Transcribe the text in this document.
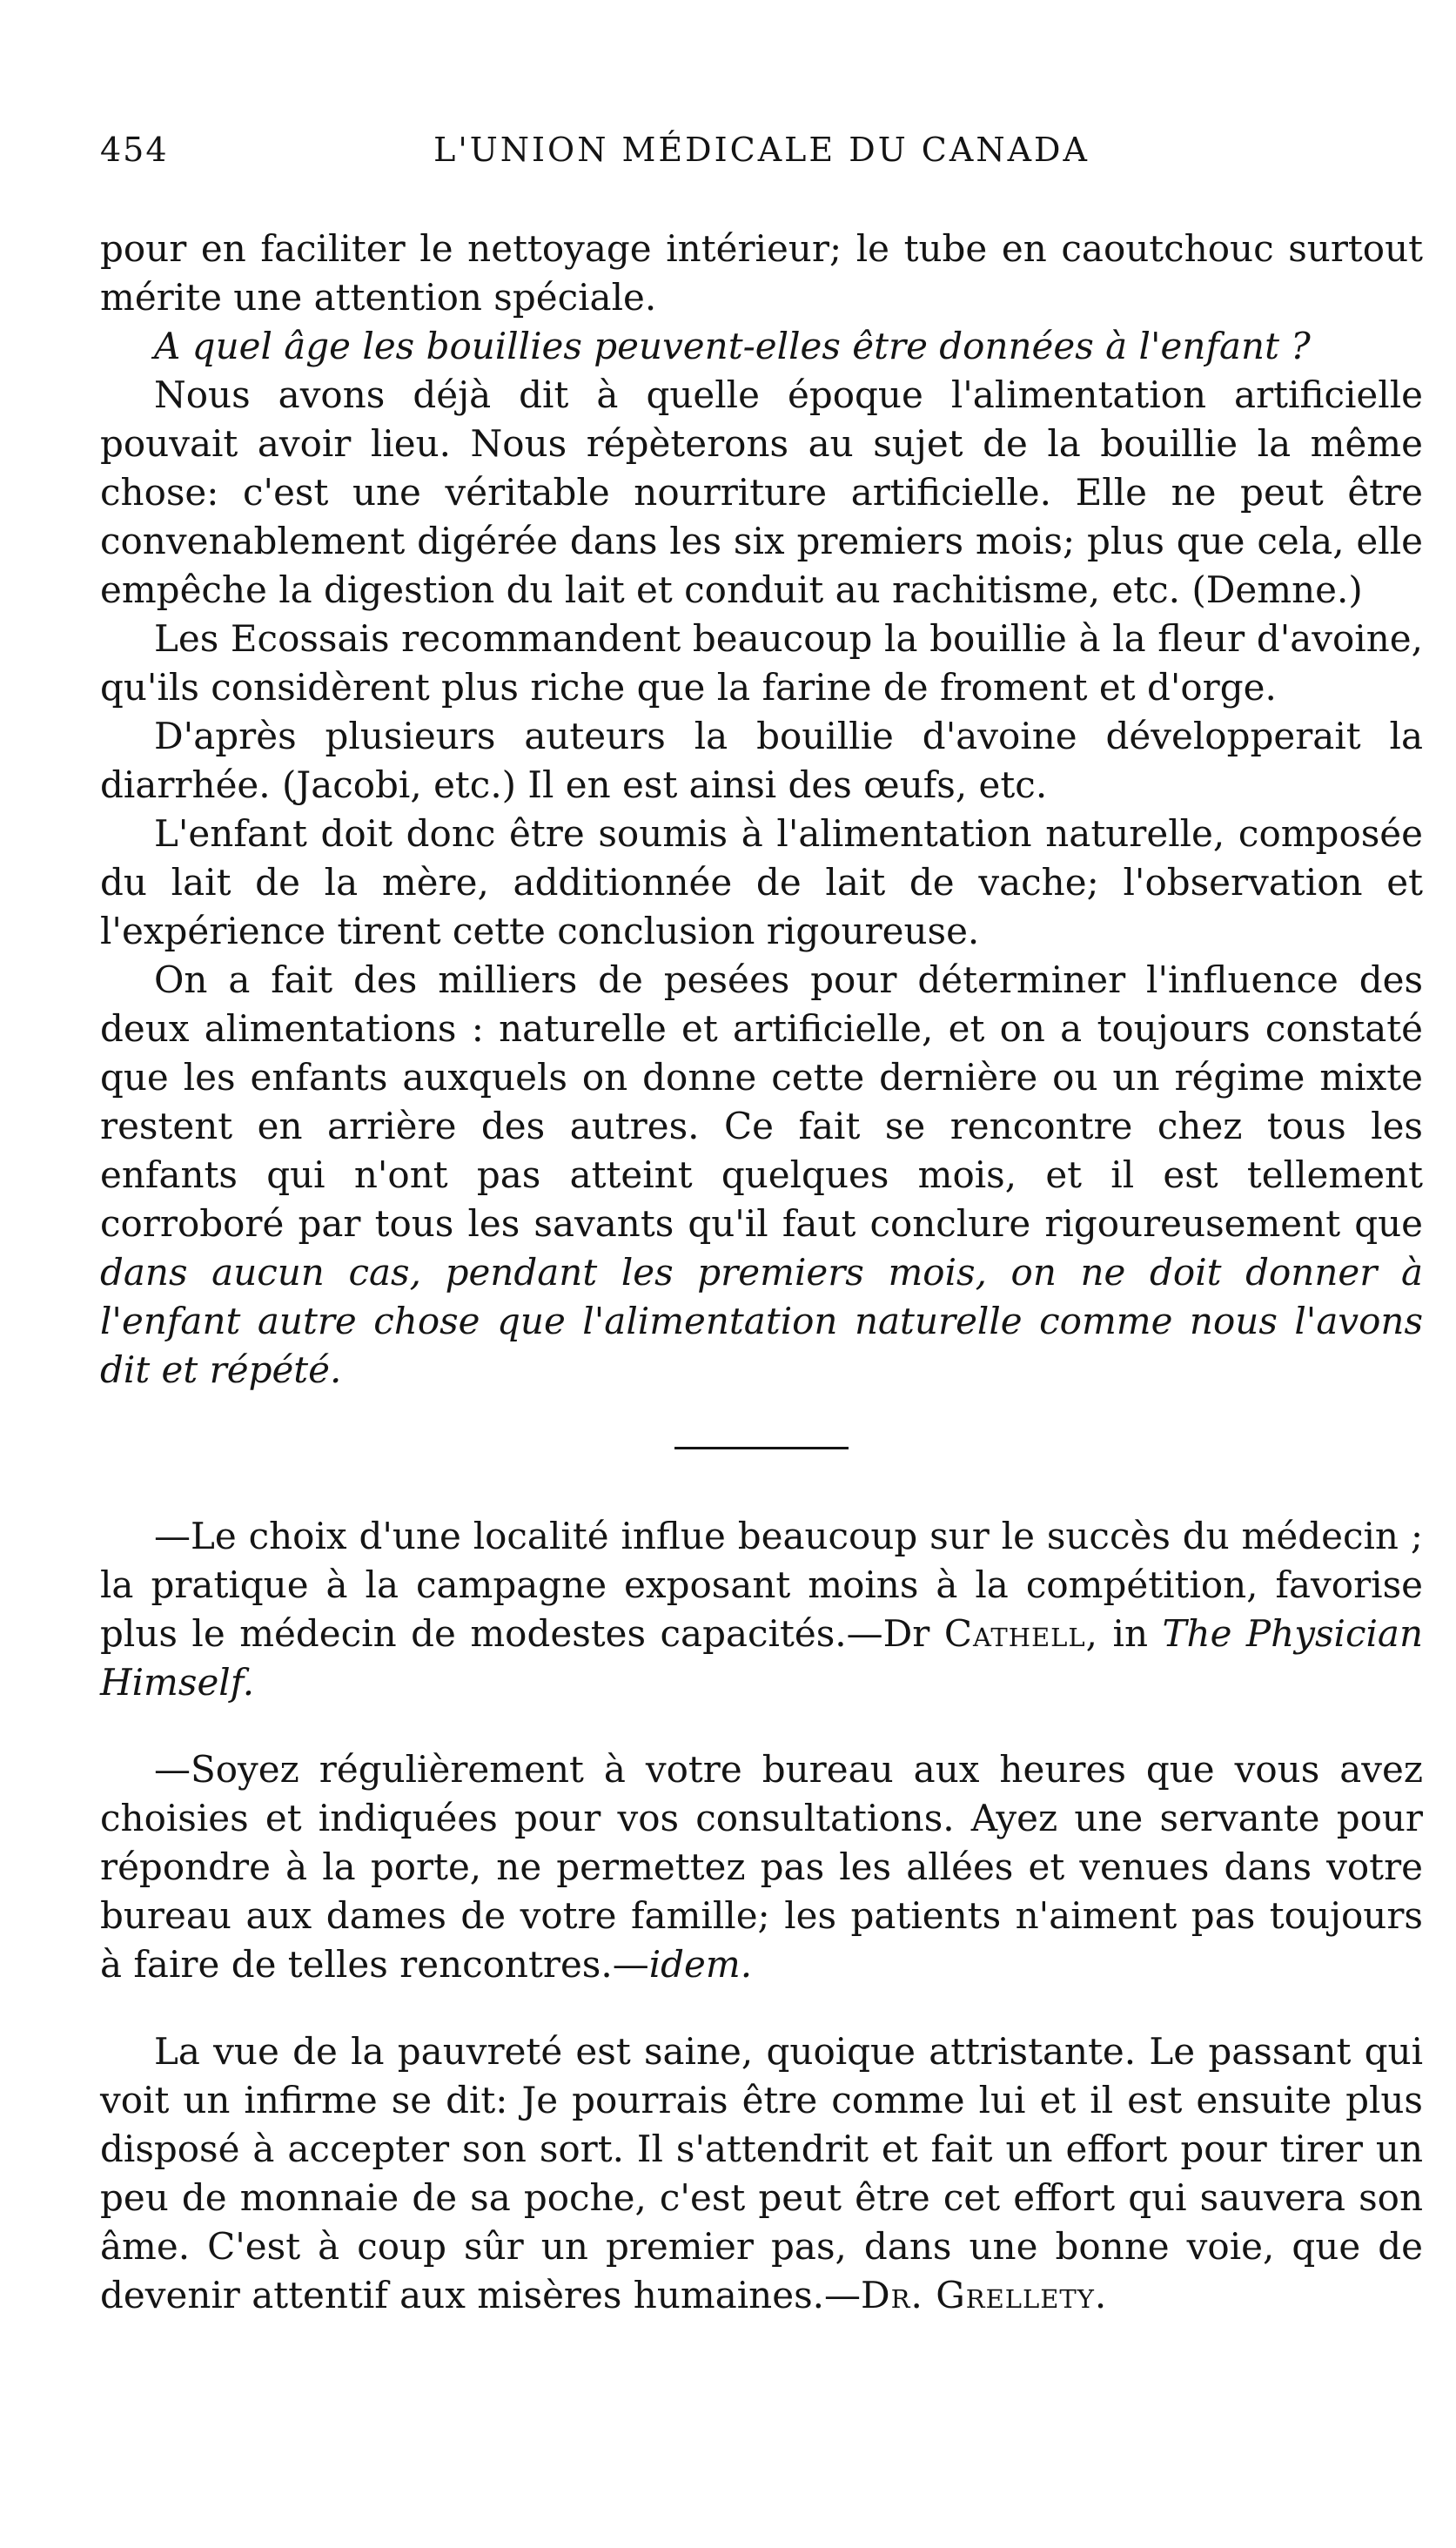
454	L'UNION MÉDICALE DU CANADA

pour en faciliter le nettoyage intérieur; le tube en caoutchouc surtout mérite une attention spéciale.

A quel âge les bouillies peuvent-elles être données à l'enfant ?

Nous avons déjà dit à quelle époque l'alimentation artificielle pouvait avoir lieu. Nous répèterons au sujet de la bouillie la même chose: c'est une véritable nourriture artificielle. Elle ne peut être convenablement digérée dans les six premiers mois; plus que cela, elle empêche la digestion du lait et conduit au rachitisme, etc. (Demne.)

Les Ecossais recommandent beaucoup la bouillie à la fleur d'avoine, qu'ils considèrent plus riche que la farine de froment et d'orge.

D'après plusieurs auteurs la bouillie d'avoine développerait la diarrhée. (Jacobi, etc.) Il en est ainsi des œufs, etc.

L'enfant doit donc être soumis à l'alimentation naturelle, composée du lait de la mère, additionnée de lait de vache; l'observation et l'expérience tirent cette conclusion rigoureuse.

On a fait des milliers de pesées pour déterminer l'influence des deux alimentations : naturelle et artificielle, et on a toujours constaté que les enfants auxquels on donne cette dernière ou un régime mixte restent en arrière des autres. Ce fait se rencontre chez tous les enfants qui n'ont pas atteint quelques mois, et il est tellement corroboré par tous les savants qu'il faut conclure rigoureusement que dans aucun cas, pendant les premiers mois, on ne doit donner à l'enfant autre chose que l'alimentation naturelle comme nous l'avons dit et répété.

—Le choix d'une localité influe beaucoup sur le succès du médecin ; la pratique à la campagne exposant moins à la compétition, favorise plus le médecin de modestes capacités.—Dr Cathell, in The Physician Himself.

—Soyez régulièrement à votre bureau aux heures que vous avez choisies et indiquées pour vos consultations. Ayez une servante pour répondre à la porte, ne permettez pas les allées et venues dans votre bureau aux dames de votre famille; les patients n'aiment pas toujours à faire de telles rencontres.—idem.

La vue de la pauvreté est saine, quoique attristante. Le passant qui voit un infirme se dit: Je pourrais être comme lui et il est ensuite plus disposé à accepter son sort. Il s'attendrit et fait un effort pour tirer un peu de monnaie de sa poche, c'est peut être cet effort qui sauvera son âme. C'est à coup sûr un premier pas, dans une bonne voie, que de devenir attentif aux misères humaines.—Dr. Grellety.
